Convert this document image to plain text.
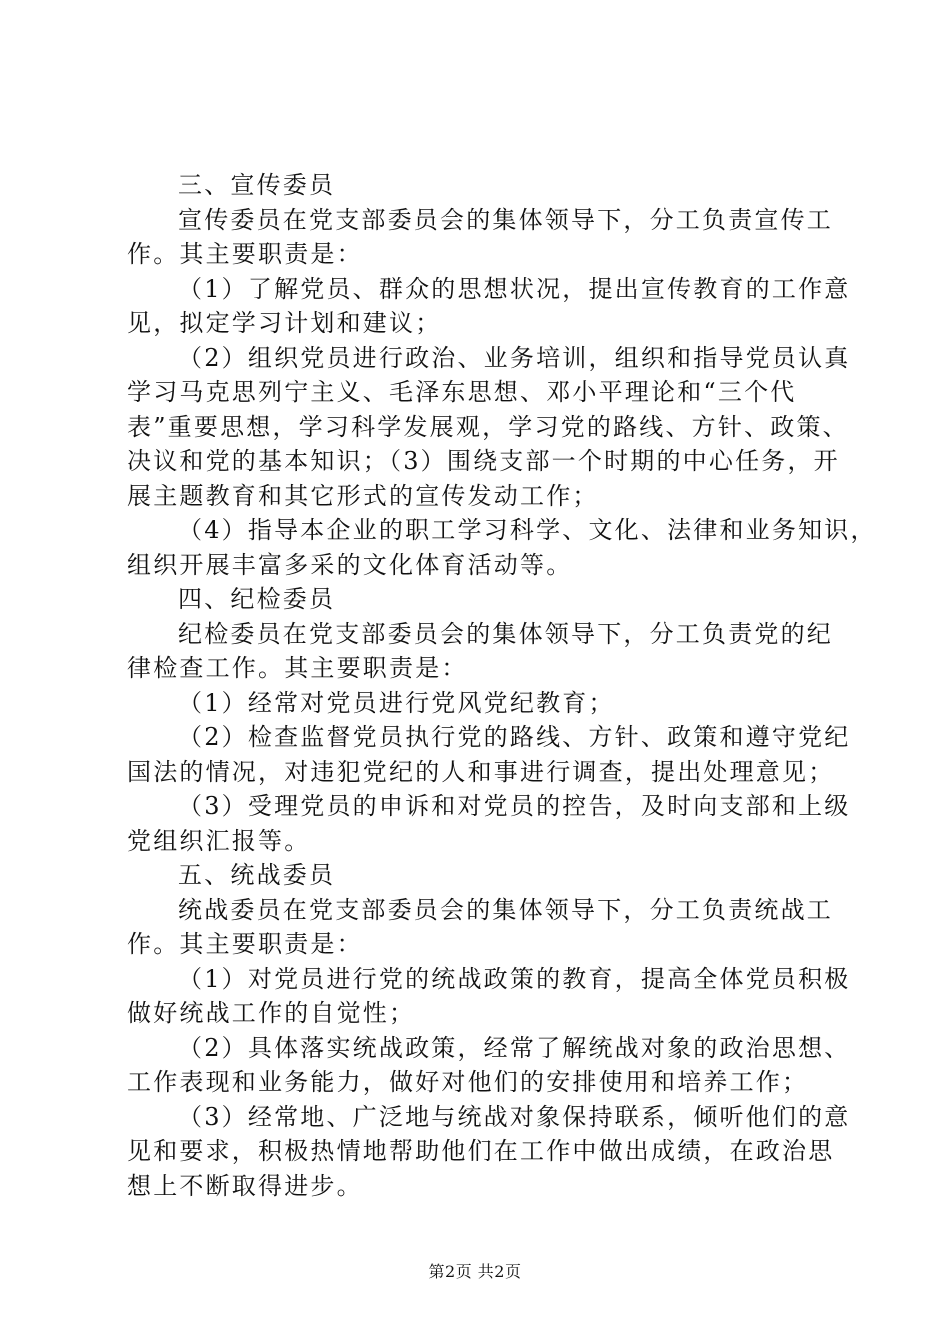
三、宣传委员
宣传委员在党支部委员会的集体领导下，分工负责宣传工
作。其主要职责是：
（1）了解党员、群众的思想状况，提出宣传教育的工作意
见，拟定学习计划和建议；
（2）组织党员进行政治、业务培训，组织和指导党员认真
学习马克思列宁主义、毛泽东思想、邓小平理论和“三个代
表”重要思想，学习科学发展观，学习党的路线、方针、政策、
决议和党的基本知识；（3）围绕支部一个时期的中心任务，开
展主题教育和其它形式的宣传发动工作；
（4）指导本企业的职工学习科学、文化、法律和业务知识，
组织开展丰富多采的文化体育活动等。
四、纪检委员
纪检委员在党支部委员会的集体领导下，分工负责党的纪
律检查工作。其主要职责是：
（1）经常对党员进行党风党纪教育；
（2）检查监督党员执行党的路线、方针、政策和遵守党纪
国法的情况，对违犯党纪的人和事进行调查，提出处理意见；
（3）受理党员的申诉和对党员的控告，及时向支部和上级
党组织汇报等。
五、统战委员
统战委员在党支部委员会的集体领导下，分工负责统战工
作。其主要职责是：
（1）对党员进行党的统战政策的教育，提高全体党员积极
做好统战工作的自觉性；
（2）具体落实统战政策，经常了解统战对象的政治思想、
工作表现和业务能力，做好对他们的安排使用和培养工作；
（3）经常地、广泛地与统战对象保持联系，倾听他们的意
见和要求，积极热情地帮助他们在工作中做出成绩，在政治思
想上不断取得进步。
第2页 共2页
